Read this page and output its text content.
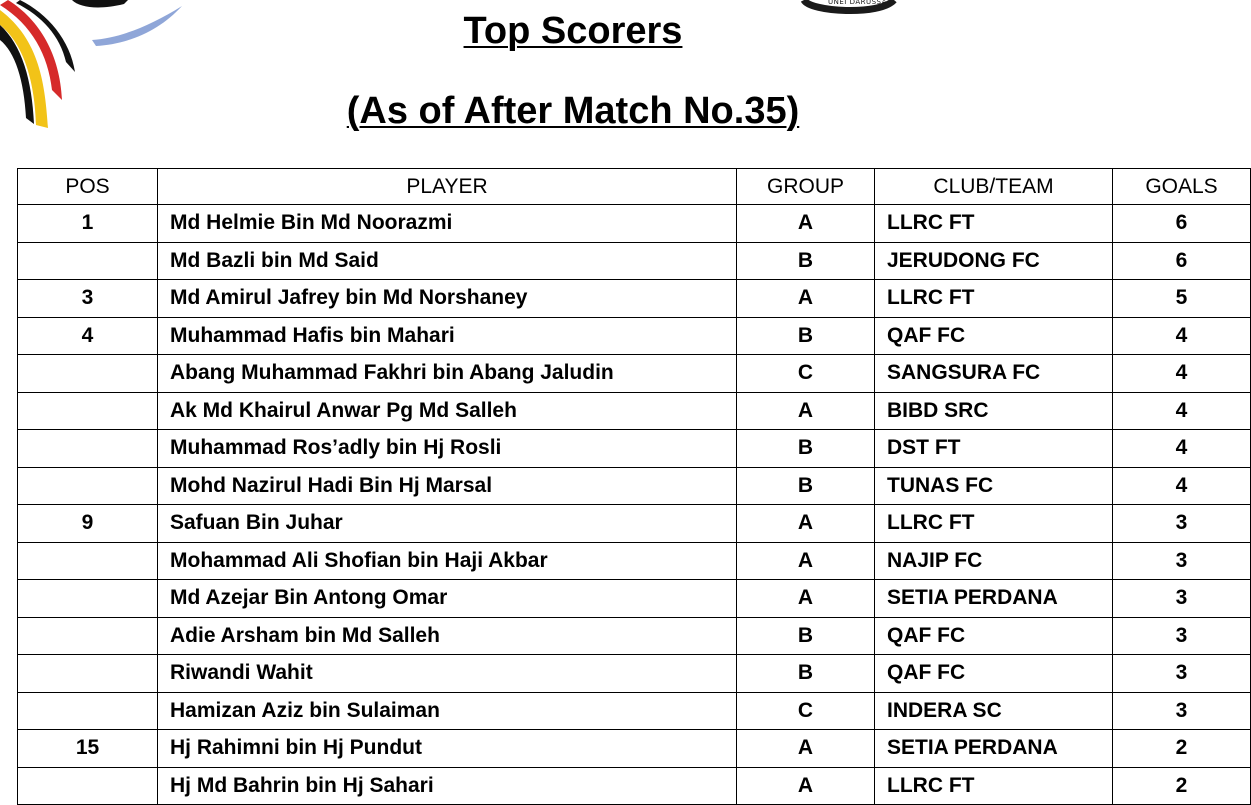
UNEI DARUSSA
Top Scorers
(As of After Match No.35)
POS	PLAYER	GROUP	CLUB/TEAM	GOALS
1	Md Helmie Bin Md Noorazmi	A	LLRC FT	6
	Md Bazli bin Md Said	B	JERUDONG FC	6
3	Md Amirul Jafrey bin Md Norshaney	A	LLRC FT	5
4	Muhammad Hafis bin Mahari	B	QAF FC	4
	Abang Muhammad Fakhri bin Abang Jaludin	C	SANGSURA FC	4
	Ak Md Khairul Anwar Pg Md Salleh	A	BIBD SRC	4
	Muhammad Ros’adly bin Hj Rosli	B	DST FT	4
	Mohd Nazirul Hadi Bin Hj Marsal	B	TUNAS FC	4
9	Safuan Bin Juhar	A	LLRC FT	3
	Mohammad Ali Shofian bin Haji Akbar	A	NAJIP FC	3
	Md Azejar Bin Antong Omar	A	SETIA PERDANA	3
	Adie Arsham bin Md Salleh	B	QAF FC	3
	Riwandi Wahit	B	QAF FC	3
	Hamizan Aziz bin Sulaiman	C	INDERA SC	3
15	Hj Rahimni bin Hj Pundut	A	SETIA PERDANA	2
	Hj Md Bahrin bin Hj Sahari	A	LLRC FT	2
